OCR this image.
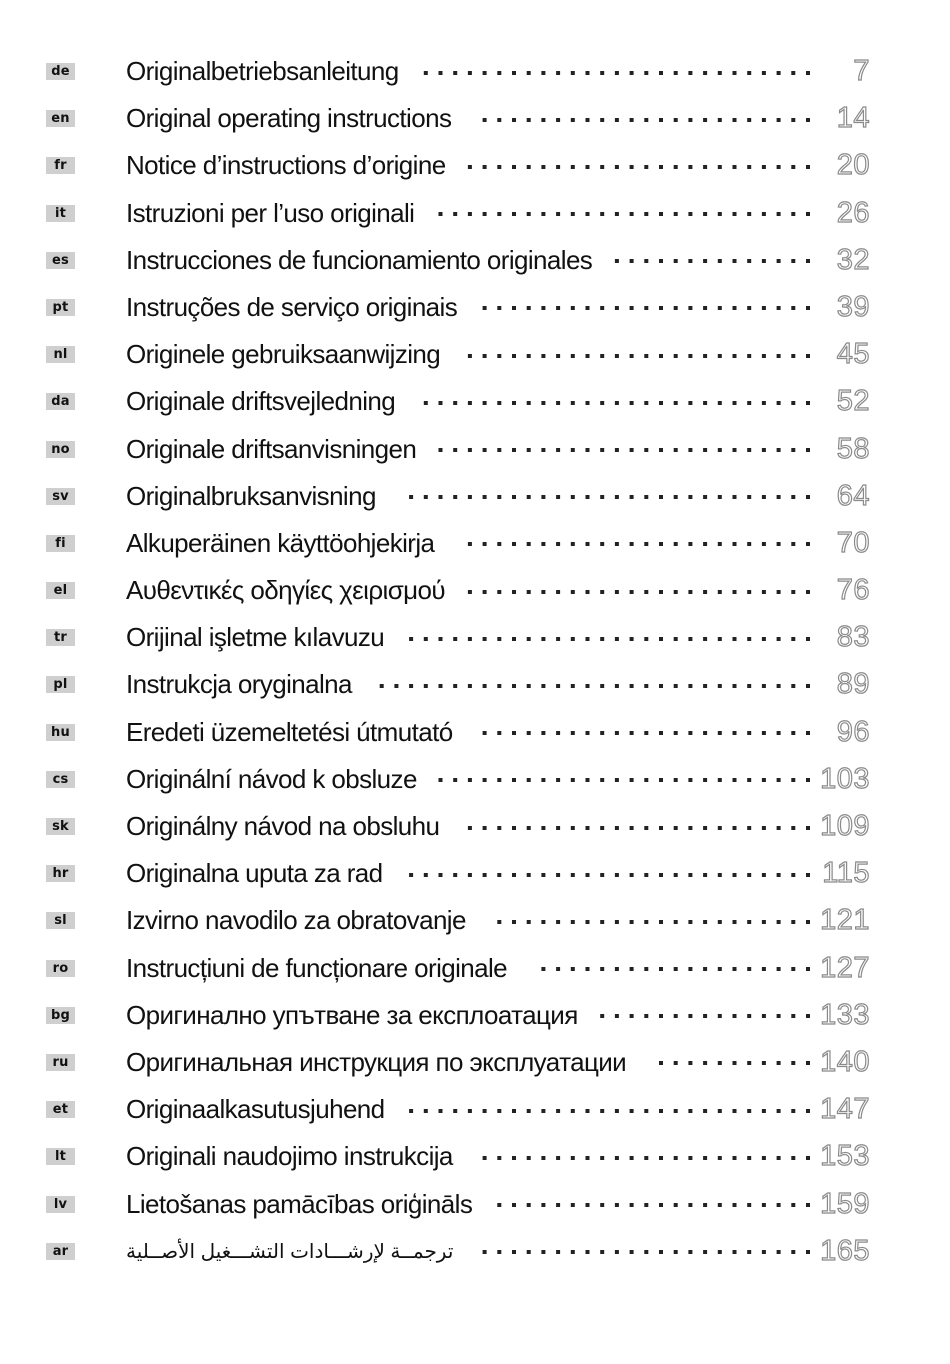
de Originalbetriebsanleitung	7
en Original operating instructions	14
fr	Notice d’instructions d’origine	20
it	Istruzioni per l’uso originali	26
es Instrucciones de funcionamiento originales	32
pt Instruções de serviço originais	39
nl Originele gebruiksaanwijzing	45
da Originale driftsvejledning	52
no Originale driftsanvisningen	58
sv Originalbruksanvisning	64
fi	Alkuperäinen käyttöohjekirja	70
el Αυθεντικές οδηγίες χειρισμού	76
tr	Orijinal işletme kılavuzu	83
pl Instrukcja oryginalna	89
hu Eredeti üzemeltetési útmutató	96
cs Originální návod k obsluze	103
sk Originálny návod na obsluhu	109
hr Originalna uputa za rad	115
sl	Izvirno navodilo za obratovanje	121
ro Instrucțiuni de funcționare originale	127
bg Оригинално упътване за експлоатация	133
ru Оригинальная инструкция по эксплуатации	140
et Originaalkasutusjuhend	147
lt	Originali naudojimo instrukcija	153
lv	Lietošanas pamācības oriģināls	159
ar	ترجمــة لإرشـــادات التشـــغيل الأصــلية	165
